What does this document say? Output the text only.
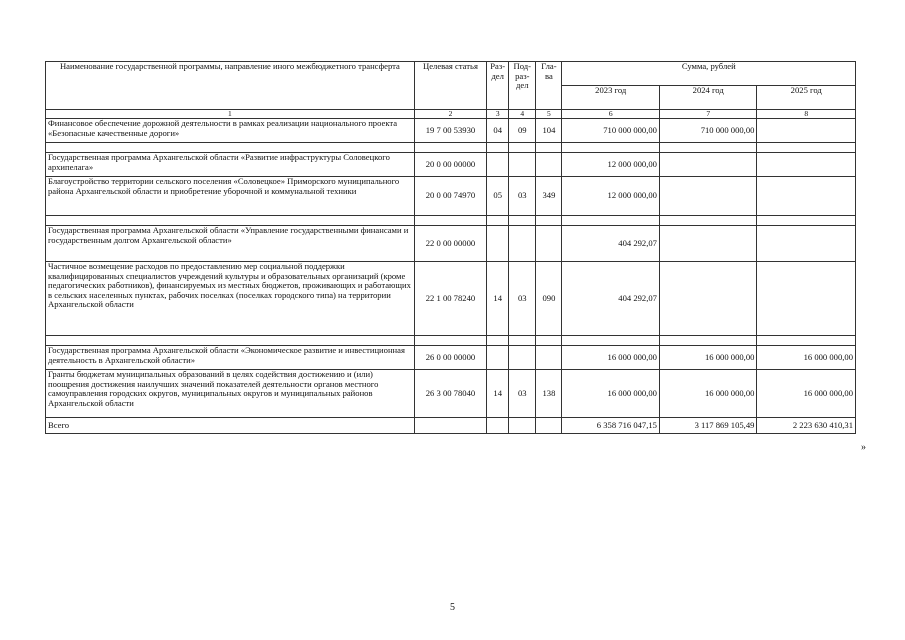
Наименование государственной программы, направление иного межбюджетного трансферта	Целевая статья	Раз-дел	Под-раз-дел	Гла-ва	Сумма, рублей		
					2023 год	2024 год	2025 год
1	2	3	4	5	6	7	8
Финансовое обеспечение дорожной деятельности в рамках реализации национального проекта «Безопасные качественные дороги»	19 7 00 53930	04	09	104	710 000 000,00	710 000 000,00	

Государственная программа Архангельской области «Развитие инфраструктуры Соловецкого архипелага»	20 0 00 00000				12 000 000,00		
Благоустройство территории сельского поселения «Соловецкое» Приморского муниципального района Архангельской области и приобретение уборочной и коммунальной техники	20 0 00 74970	05	03	349	12 000 000,00		

Государственная программа Архангельской области «Управление государственными финансами и государственным долгом Архангельской области»	22 0 00 00000				404 292,07		
Частичное возмещение расходов по предоставлению мер социальной поддержки квалифицированных специалистов учреждений культуры и образовательных организаций (кроме педагогических работников), финансируемых из местных бюджетов, проживающих и работающих в сельских населенных пунктах, рабочих поселках (поселках городского типа) на территории Архангельской области	22 1 00 78240	14	03	090	404 292,07		

Государственная программа Архангельской области «Экономическое развитие и инвестиционная деятельность в Архангельской области»	26 0 00 00000				16 000 000,00	16 000 000,00	16 000 000,00
Гранты бюджетам муниципальных образований в целях содействия достижению и (или) поощрения достижения наилучших значений показателей деятельности органов местного самоуправления городских округов, муниципальных округов и муниципальных районов Архангельской области	26 3 00 78040	14	03	138	16 000 000,00	16 000 000,00	16 000 000,00
Всего					6 358 716 047,15	3 117 869 105,49	2 223 630 410,31
»
5
